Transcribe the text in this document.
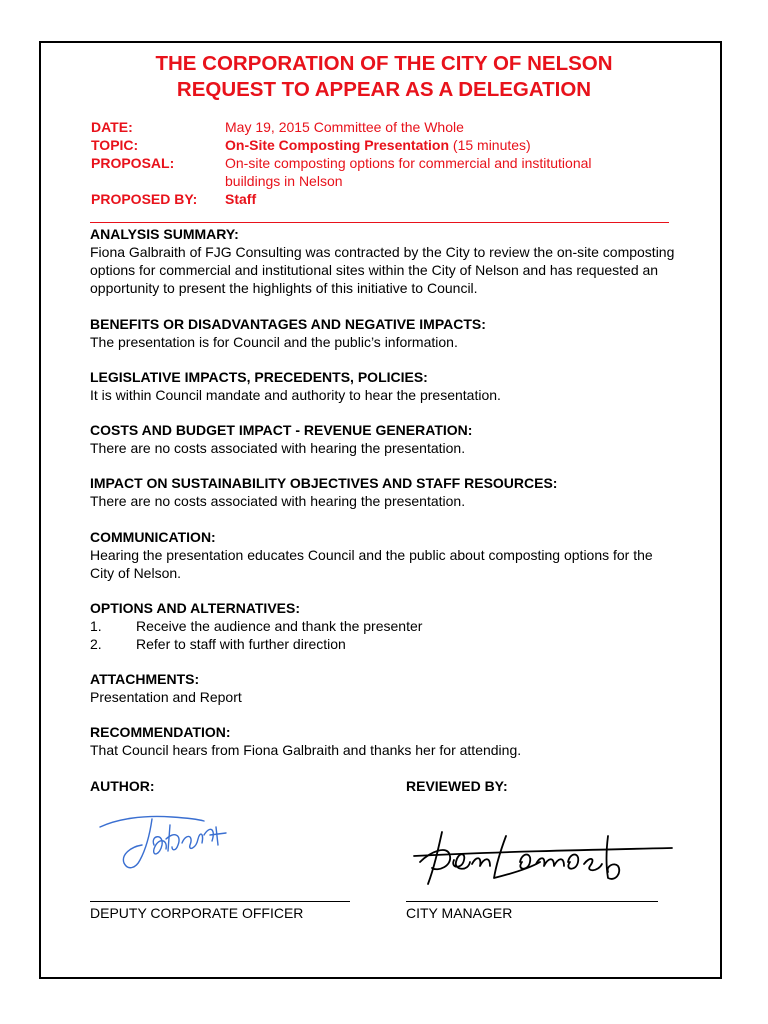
THE CORPORATION OF THE CITY OF NELSON
REQUEST TO APPEAR AS A DELEGATION
DATE:	May 19, 2015 Committee of the Whole
TOPIC:	On-Site Composting Presentation (15 minutes)
PROPOSAL:	On-site composting options for commercial and institutional
buildings in Nelson
PROPOSED BY: Staff
ANALYSIS SUMMARY:

Fiona Galbraith of FJG Consulting was contracted by the City to review the on-site composting options for commercial and institutional sites within the City of Nelson and has requested an opportunity to present the highlights of this initiative to Council.

BENEFITS OR DISADVANTAGES AND NEGATIVE IMPACTS:

The presentation is for Council and the public’s information.

LEGISLATIVE IMPACTS, PRECEDENTS, POLICIES:

It is within Council mandate and authority to hear the presentation.

COSTS AND BUDGET IMPACT - REVENUE GENERATION:

There are no costs associated with hearing the presentation.

IMPACT ON SUSTAINABILITY OBJECTIVES AND STAFF RESOURCES:

There are no costs associated with hearing the presentation.

COMMUNICATION:

Hearing the presentation educates Council and the public about composting options for the City of Nelson.

OPTIONS AND ALTERNATIVES:
1.	Receive the audience and thank the presenter
2.	Refer to staff with further direction
ATTACHMENTS:

Presentation and Report

RECOMMENDATION:

That Council hears from Fiona Galbraith and thanks her for attending.

AUTHOR:	REVIEWED BY:
DEPUTY CORPORATE OFFICER	CITY MANAGER
